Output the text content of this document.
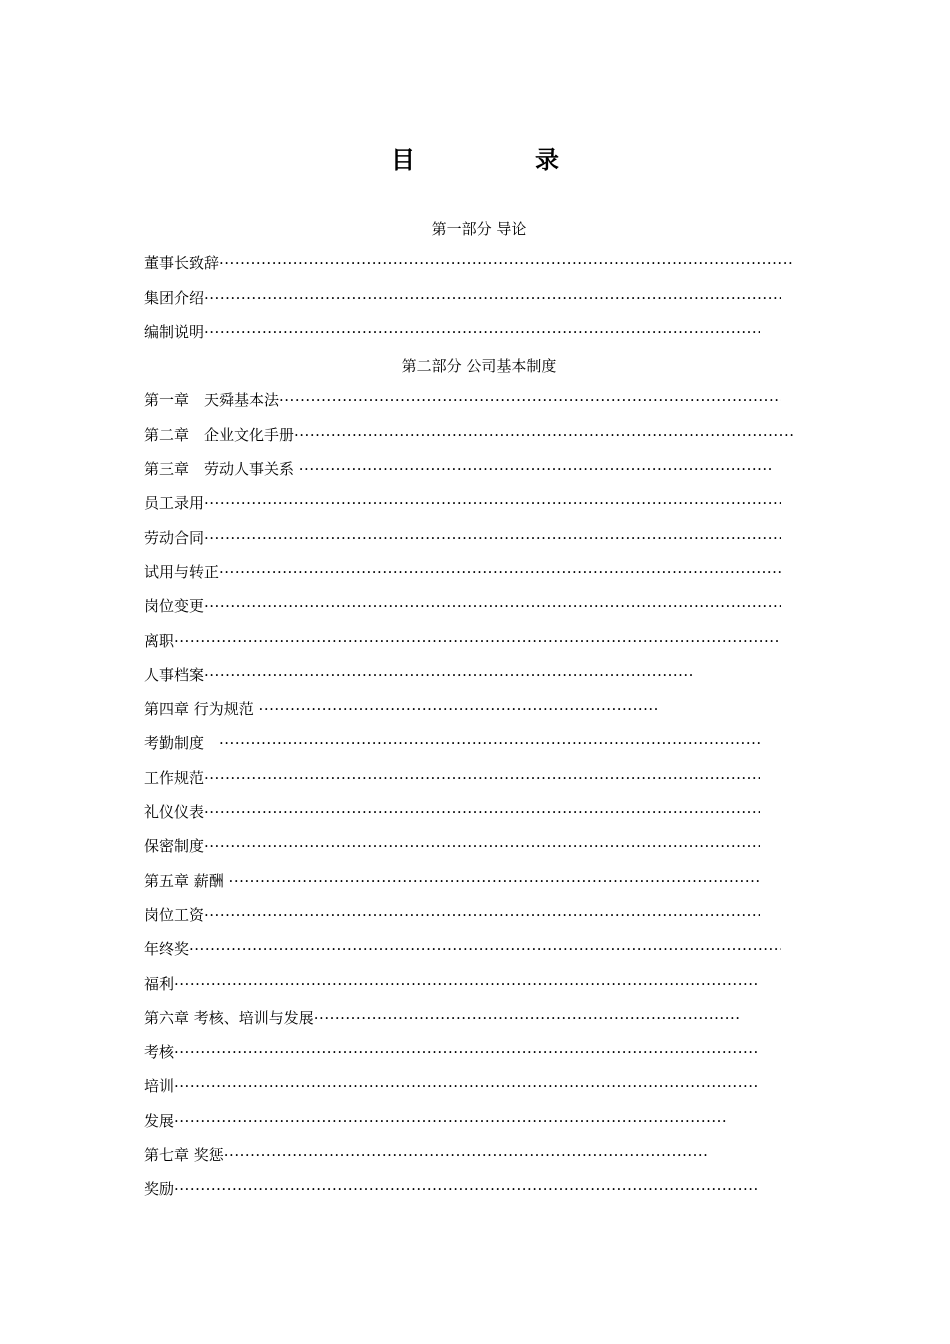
目　录
第一部分 导论
董事长致辞 ·····
集团介绍 ·····
编制说明 ·····
第二部分 公司基本制度
第一章　天舜基本法 ·····
第二章　企业文化手册 ·····
第三章　劳动人事关系 ·····
员工录用 ·····
劳动合同 ·····
试用与转正 ·····
岗位变更 ·····
离职 ·····
人事档案 ·····
第四章 行为规范 ·····
考勤制度　 ·····
工作规范 ·····
礼仪仪表 ·····
保密制度 ·····
第五章 薪酬 ·····
岗位工资 ·····
年终奖 ·····
福利 ·····
第六章 考核、培训与发展 ·····
考核 ·····
培训 ·····
发展 ·····
第七章 奖惩 ·····
奖励 ·····
